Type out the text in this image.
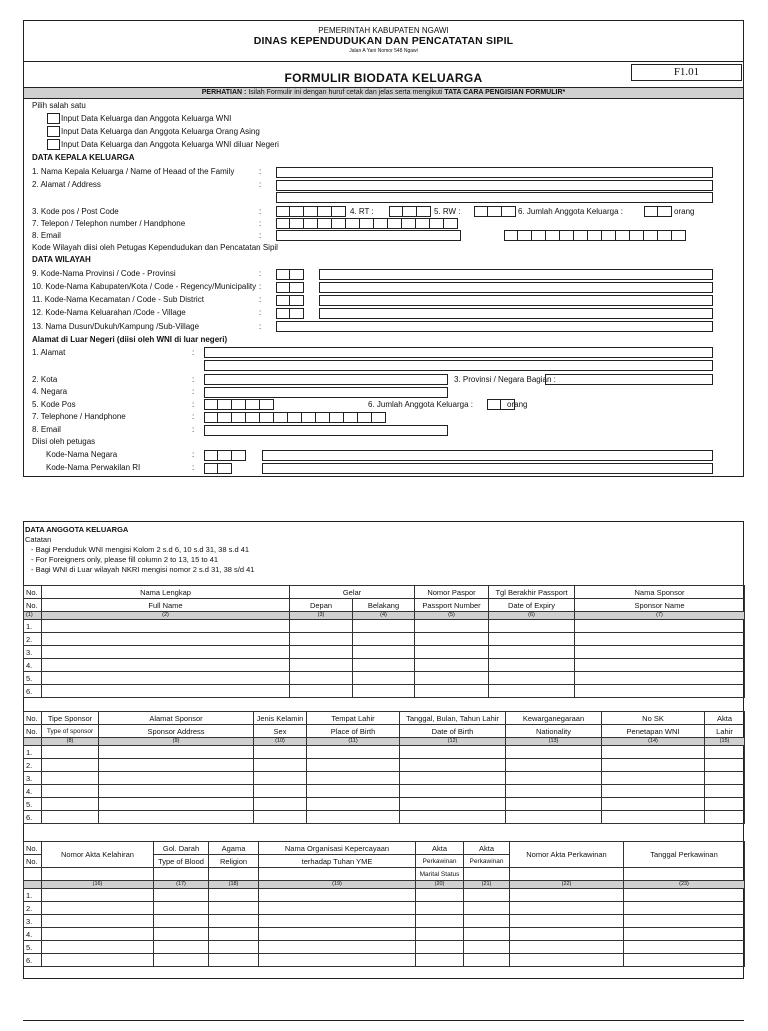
PEMERINTAH KABUPATEN NGAWI
DINAS KEPENDUDUKAN DAN PENCATATAN SIPIL
Jalan A Yani Nomor 548 Ngawi
F1.01
FORMULIR BIODATA KELUARGA
PERHATIAN : Isilah Formulir ini dengan huruf cetak dan jelas serta mengikuti TATA CARA PENGISIAN FORMULIR*
Pilih salah satu
Input Data Keluarga dan Anggota Keluarga WNI
Input Data Keluarga dan Anggota Keluarga Orang Asing
Input Data Keluarga dan Anggota Keluarga WNI diluar Negeri
DATA KEPALA KELUARGA
1. Nama Kepala Keluarga / Name of Heaad of the Family	:
2. Alamat / Address	:
3. Kode pos / Post Code	:	4. RT :	5. RW :	6. Jumlah Anggota Keluarga :	orang
7. Telepon / Telephon number / Handphone	:
8. Email	:
Kode Wilayah diisi oleh Petugas Kependudukan dan Pencatatan Sipil
DATA WILAYAH
9. Kode-Nama Provinsi / Code - Provinsi	:
10. Kode-Nama Kabupaten/Kota / Code - Regency/Municipality :
11. Kode-Nama Kecamatan / Code - Sub District	:
12. Kode-Nama Keluarahan /Code - Village	:
13. Nama Dusun/Dukuh/Kampung /Sub-Village	:
Alamat di Luar Negeri (diisi oleh WNI di luar negeri)
1. Alamat	:
2. Kota	:	3. Provinsi / Negara Bagian :
4. Negara	:
5. Kode Pos	:	6. Jumlah Anggota Keluarga :	orang
7. Telephone / Handphone	:
8. Email	:
Diisi oleh petugas
Kode-Nama Negara	:
Kode-Nama Perwakilan RI	:
DATA ANGGOTA KELUARGA
Catatan
- Bagi Penduduk WNI mengisi Kolom 2 s.d 6, 10 s.d 31, 38 s.d 41
- For Foreigners only, please fill column 2 to 13, 15 to 41
- Bagi WNI di Luar wilayah NKRI mengisi nomor 2 s.d 31, 38 s/d 41
No.	Nama Lengkap	Gelar		Nomor Paspor	Tgl Berakhir Passport	Nama Sponsor
No.	Full Name	Depan	Belakang	Passport Number	Date of Expiry	Sponsor Name
(1)	(2)	(3)	(4)	(5)	(6)	(7)
1.						
2.						
3.						
4.						
5.						
6.						
No.	Tipe Sponsor	Alamat Sponsor	Jenis Kelamin	Tempat Lahir	Tanggal, Bulan, Tahun Lahir	Kewarganegaraan	No SK	Akta
No.	Type of sponsor	Sponsor Address	Sex	Place of Birth	Date of Birth	Nationality	Penetapan WNI	Lahir
	(8)	(9)	(10)	(11)	(12)	(13)	(14)	(15)
1.								
2.								
3.								
4.								
5.								
6.								
No.	Nomor Akta Kelahiran	Gol. Darah	Agama	Nama Organisasi Kepercayaan	Akta	Akta	Nomor Akta Perkawinan	Tanggal Perkawinan
No.		Type of Blood	Religion	terhadap Tuhan YME	Perkawinan	Perkawinan		
					Marital Status			
	(16)	(17)	(18)	(19)	(20)	(21)	(22)	(23)
1.								
2.								
3.								
4.								
5.								
6.								
